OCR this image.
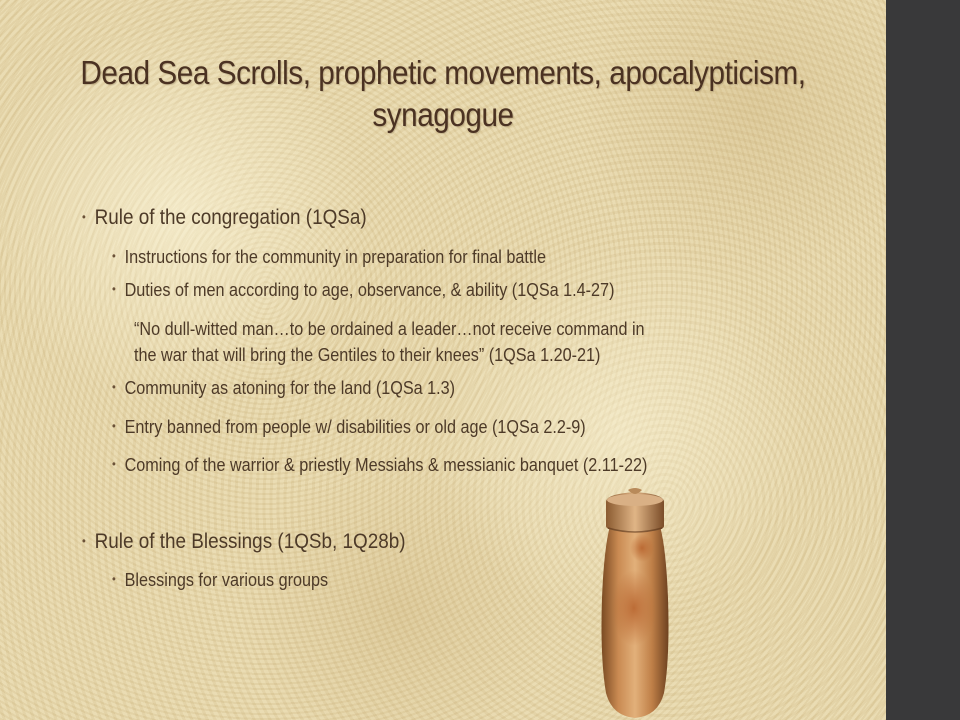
Dead Sea Scrolls, prophetic movements, apocalypticism,
synagogue
• Rule of the congregation (1QSa)
• Instructions for the community in preparation for final battle
• Duties of men according to age, observance, & ability (1QSa 1.4-27)
“No dull-witted man…to be ordained a leader…not receive command in
the war that will bring the Gentiles to their knees” (1QSa 1.20-21)
• Community as atoning for the land (1QSa 1.3)
• Entry banned from people w/ disabilities or old age (1QSa 2.2-9)
• Coming of the warrior & priestly Messiahs & messianic banquet (2.11-22)
• Rule of the Blessings (1QSb, 1Q28b)
• Blessings for various groups
